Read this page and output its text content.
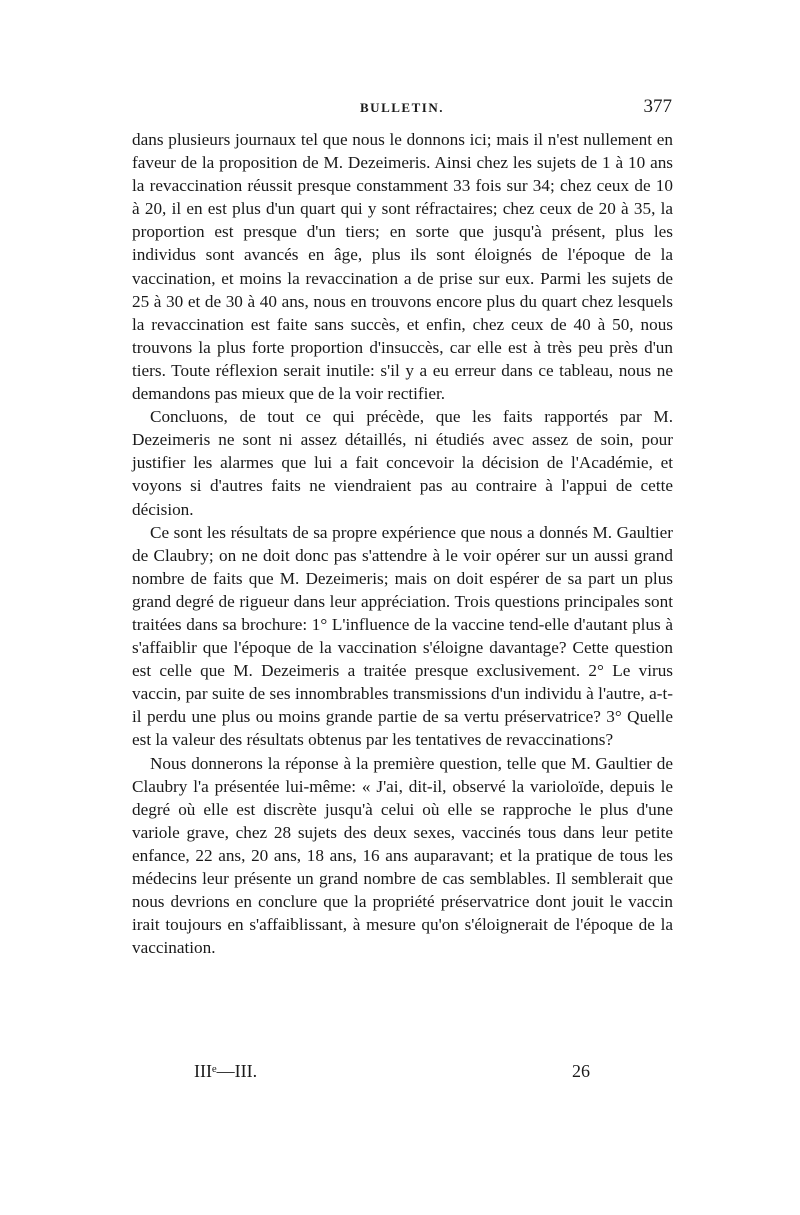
BULLETIN.	377

dans plusieurs journaux tel que nous le donnons ici; mais il n'est nullement en faveur de la proposition de M. Dezeimeris. Ainsi chez les sujets de 1 à 10 ans la revaccination réussit presque constamment 33 fois sur 34; chez ceux de 10 à 20, il en est plus d'un quart qui y sont réfractaires; chez ceux de 20 à 35, la proportion est presque d'un tiers; en sorte que jusqu'à présent, plus les individus sont avancés en âge, plus ils sont éloignés de l'époque de la vaccination, et moins la revaccination a de prise sur eux. Parmi les sujets de 25 à 30 et de 30 à 40 ans, nous en trouvons encore plus du quart chez lesquels la revaccination est faite sans succès, et enfin, chez ceux de 40 à 50, nous trouvons la plus forte proportion d'insuccès, car elle est à très peu près d'un tiers. Toute réflexion serait inutile: s'il y a eu erreur dans ce tableau, nous ne demandons pas mieux que de la voir rectifier.

Concluons, de tout ce qui précède, que les faits rapportés par M. Dezeimeris ne sont ni assez détaillés, ni étudiés avec assez de soin, pour justifier les alarmes que lui a fait concevoir la décision de l'Académie, et voyons si d'autres faits ne viendraient pas au contraire à l'appui de cette décision.

Ce sont les résultats de sa propre expérience que nous a donnés M. Gaultier de Claubry; on ne doit donc pas s'attendre à le voir opérer sur un aussi grand nombre de faits que M. Dezeimeris; mais on doit espérer de sa part un plus grand degré de rigueur dans leur appréciation. Trois questions principales sont traitées dans sa brochure: 1° L'influence de la vaccine tend-elle d'autant plus à s'affaiblir que l'époque de la vaccination s'éloigne davantage? Cette question est celle que M. Dezeimeris a traitée presque exclusivement. 2° Le virus vaccin, par suite de ses innombrables transmissions d'un individu à l'autre, a-t-il perdu une plus ou moins grande partie de sa vertu préservatrice? 3° Quelle est la valeur des résultats obtenus par les tentatives de revaccinations?

Nous donnerons la réponse à la première question, telle que M. Gaultier de Claubry l'a présentée lui-même: « J'ai, dit-il, observé la varioloïde, depuis le degré où elle est discrète jusqu'à celui où elle se rapproche le plus d'une variole grave, chez 28 sujets des deux sexes, vaccinés tous dans leur petite enfance, 22 ans, 20 ans, 18 ans, 16 ans auparavant; et la pratique de tous les médecins leur présente un grand nombre de cas semblables. Il semblerait que nous devrions en conclure que la propriété préservatrice dont jouit le vaccin irait toujours en s'affaiblissant, à mesure qu'on s'éloignerait de l'époque de la vaccination.

IIIᵉ—III.	26
